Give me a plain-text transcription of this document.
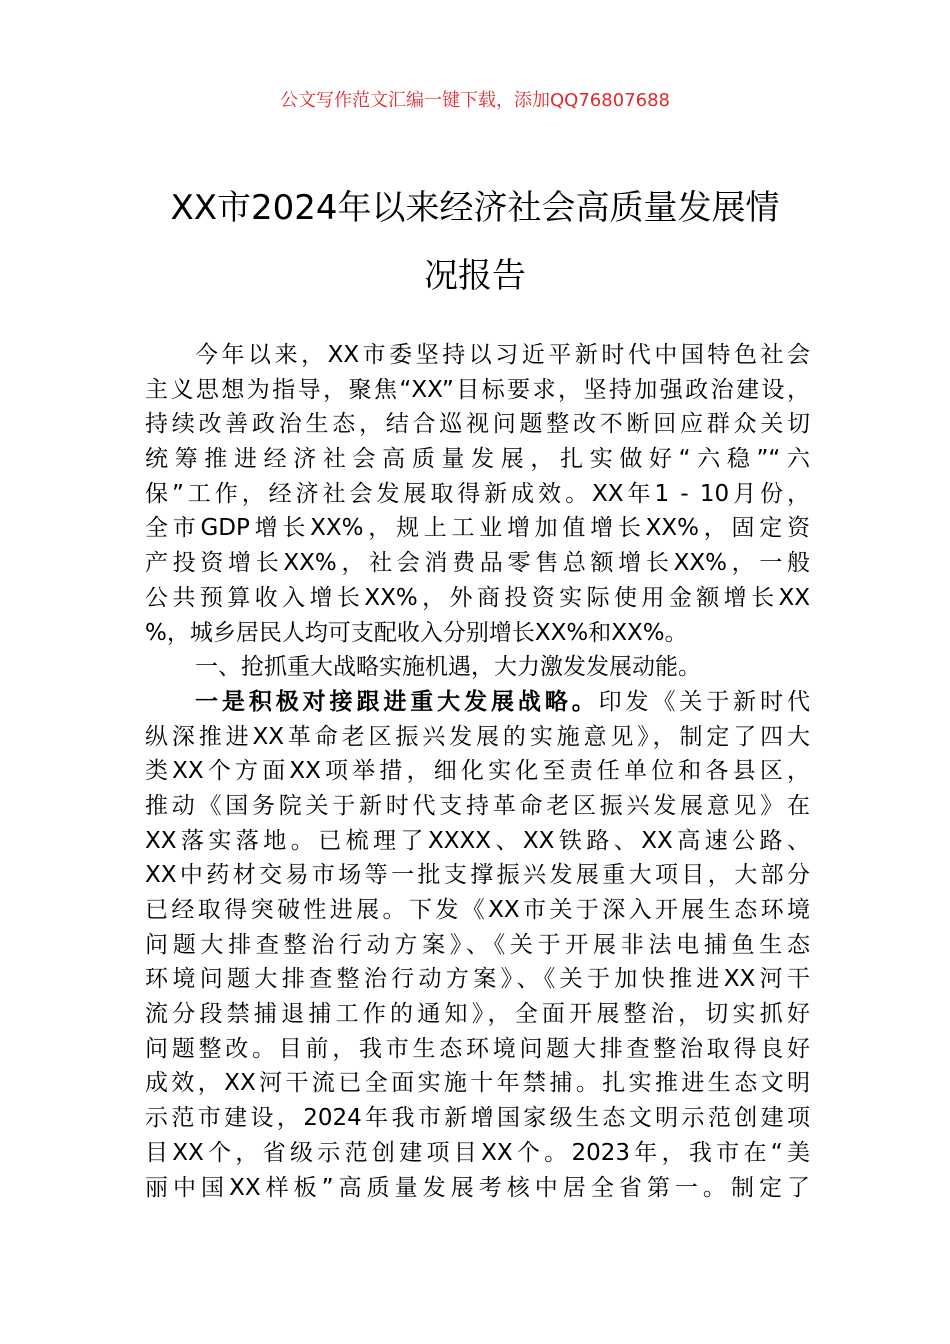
公文写作范文汇编一键下载，添加QQ76807688
XX市2024年以来经济社会高质量发展情
况报告
今年以来，XX市委坚持以习近平新时代中国特色社会
主义思想为指导，聚焦“XX”目标要求，坚持加强政治建设，
持续改善政治生态，结合巡视问题整改不断回应群众关切
统筹推进经济社会高质量发展，扎实做好“六稳”“六
保”工作，经济社会发展取得新成效。XX年1 - 10月份，
全市GDP增长XX%，规上工业增加值增长XX%，固定资
产投资增长XX%，社会消费品零售总额增长XX%，一般
公共预算收入增长XX%，外商投资实际使用金额增长XX
%，城乡居民人均可支配收入分别增长XX%和XX%。
一、抢抓重大战略实施机遇，大力激发发展动能。
一是积极对接跟进重大发展战略。印发《关于新时代
纵深推进XX革命老区振兴发展的实施意见》，制定了四大
类XX个方面XX项举措，细化实化至责任单位和各县区，
推动《国务院关于新时代支持革命老区振兴发展意见》在
XX落实落地。已梳理了XXXX、XX铁路、XX高速公路、
XX中药材交易市场等一批支撑振兴发展重大项目，大部分
已经取得突破性进展。下发《XX市关于深入开展生态环境
问题大排查整治行动方案》、《关于开展非法电捕鱼生态
环境问题大排查整治行动方案》、《关于加快推进XX河干
流分段禁捕退捕工作的通知》，全面开展整治，切实抓好
问题整改。目前，我市生态环境问题大排查整治取得良好
成效，XX河干流已全面实施十年禁捕。扎实推进生态文明
示范市建设，2024年我市新增国家级生态文明示范创建项
目XX个，省级示范创建项目XX个。2023年，我市在“美
丽中国XX样板”高质量发展考核中居全省第一。制定了
